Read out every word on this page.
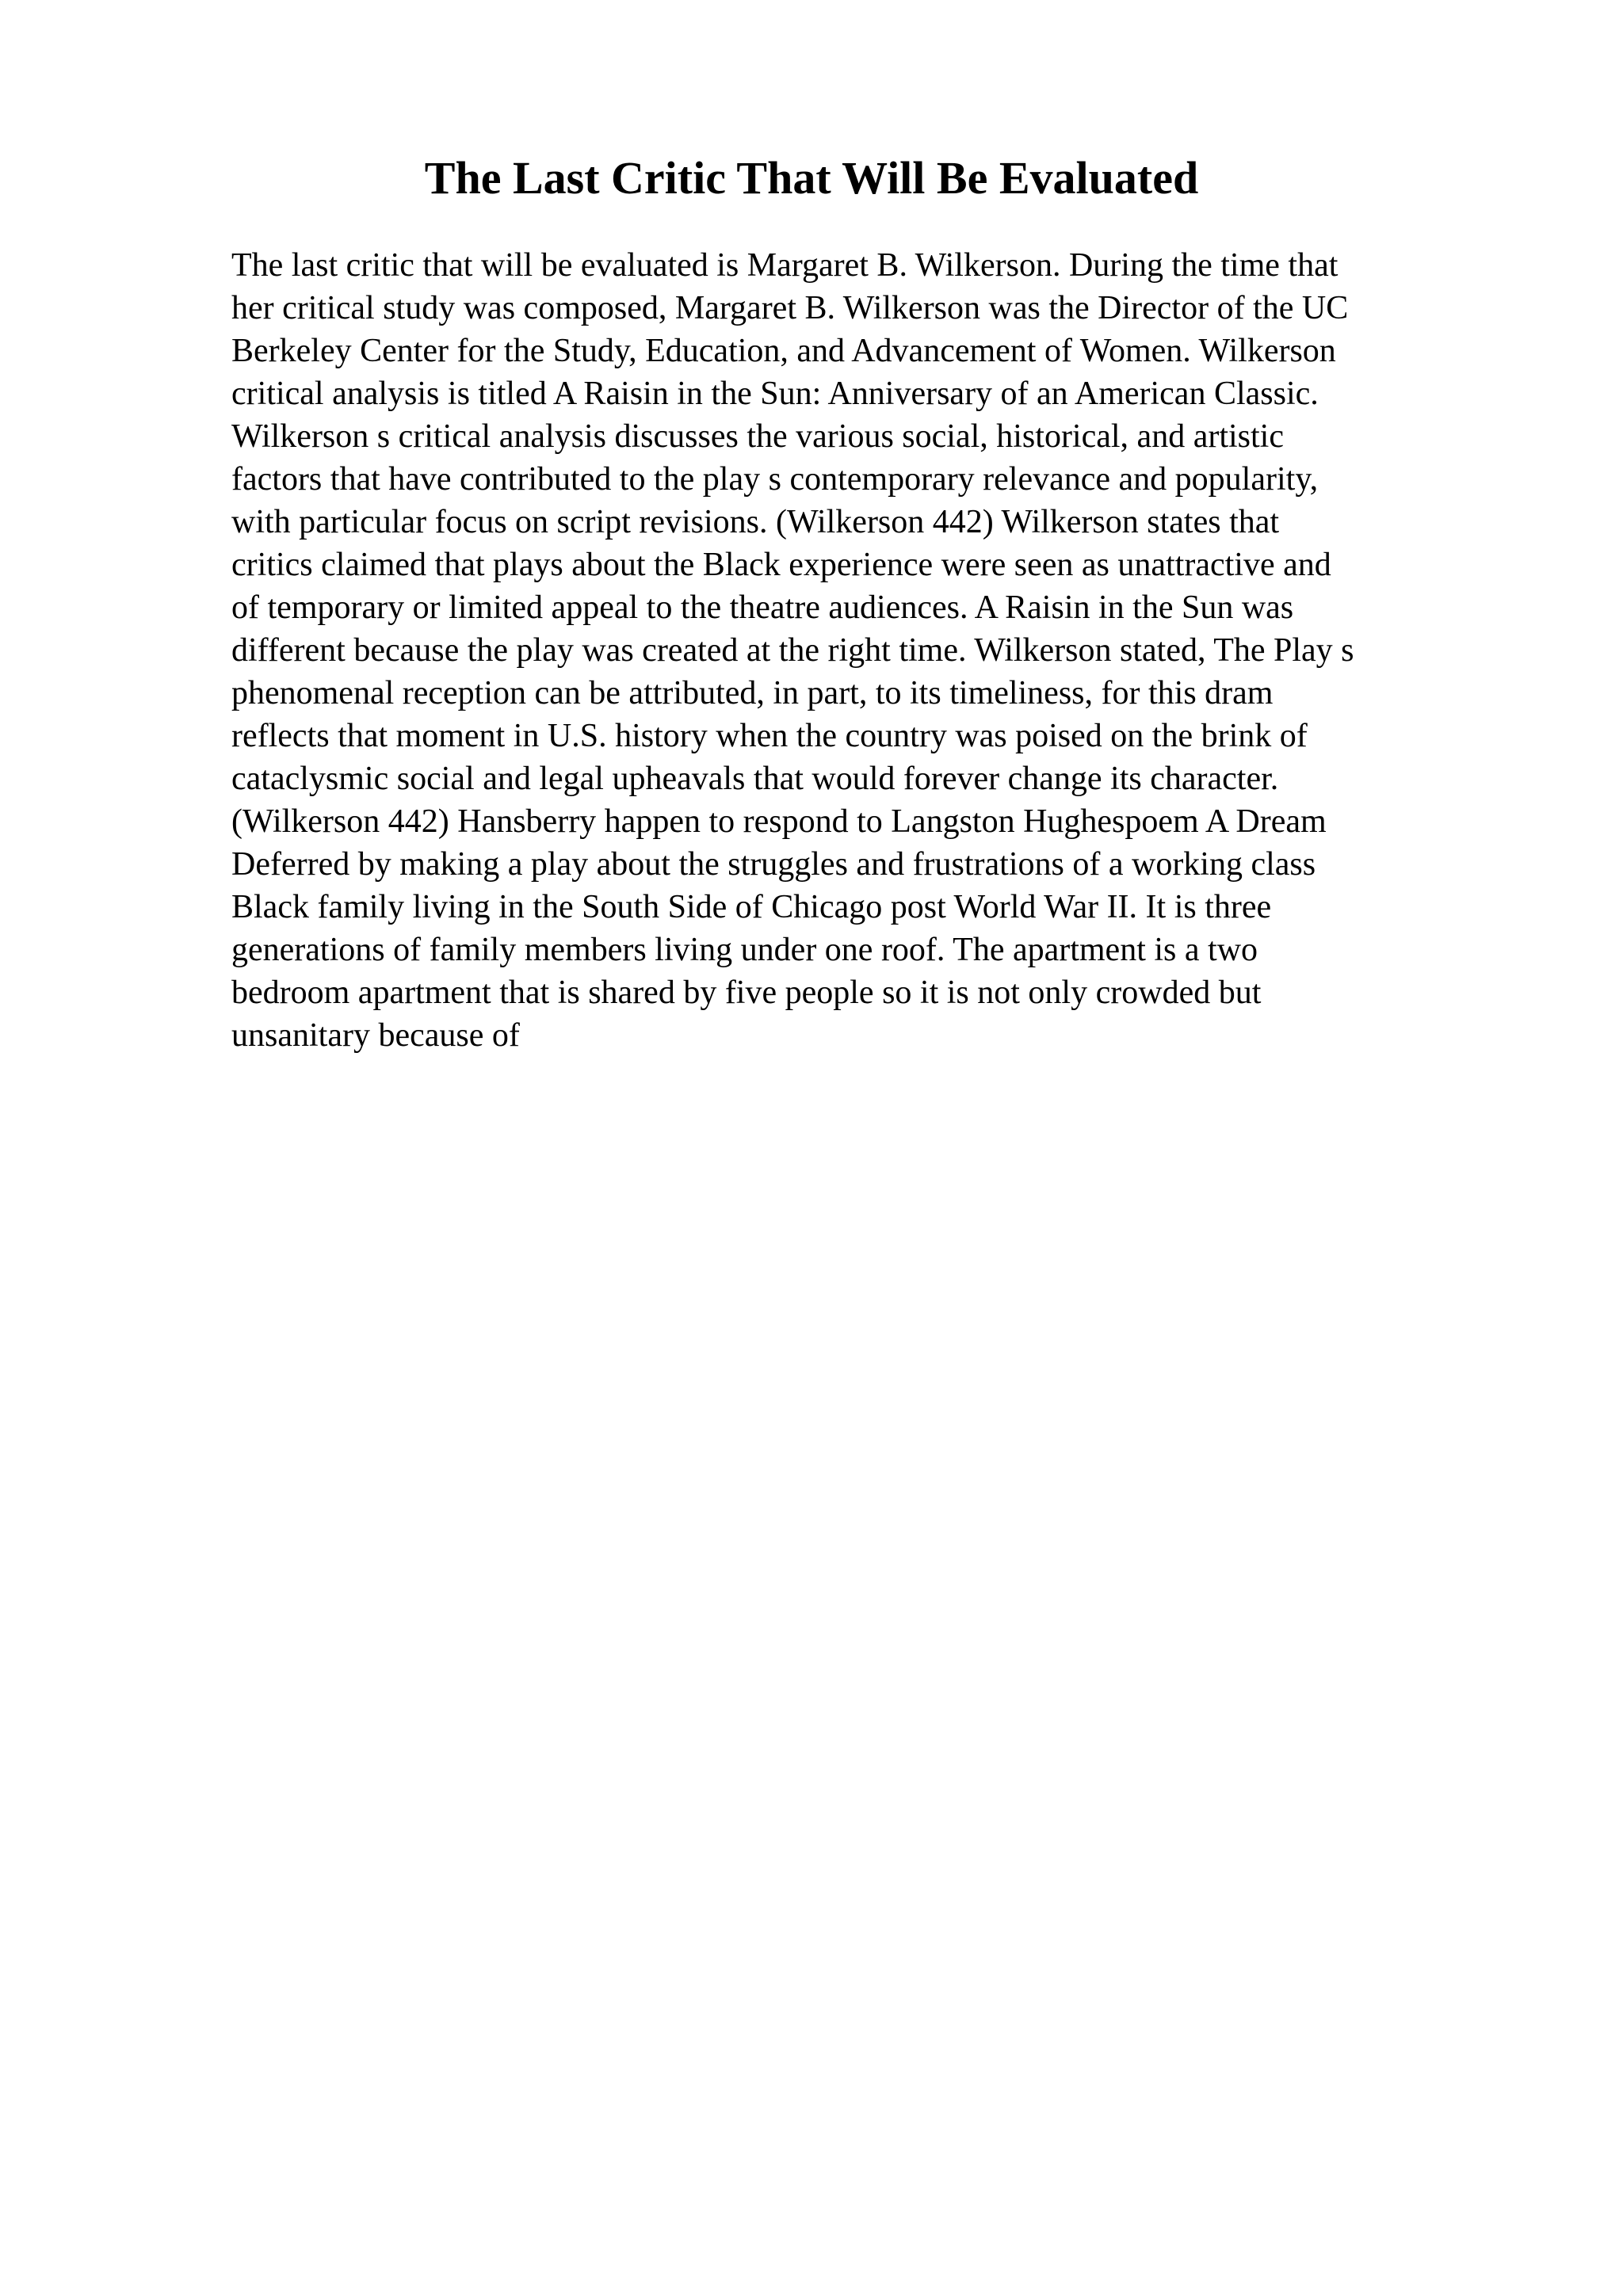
The Last Critic That Will Be Evaluated

The last critic that will be evaluated is Margaret B. Wilkerson. During the time that
her critical study was composed, Margaret B. Wilkerson was the Director of the UC
Berkeley Center for the Study, Education, and Advancement of Women. Wilkerson
critical analysis is titled A Raisin in the Sun: Anniversary of an American Classic.
Wilkerson s critical analysis discusses the various social, historical, and artistic
factors that have contributed to the play s contemporary relevance and popularity,
with particular focus on script revisions. (Wilkerson 442) Wilkerson states that
critics claimed that plays about the Black experience were seen as unattractive and
of temporary or limited appeal to the theatre audiences. A Raisin in the Sun was
different because the play was created at the right time. Wilkerson stated, The Play s
phenomenal reception can be attributed, in part, to its timeliness, for this dram
reflects that moment in U.S. history when the country was poised on the brink of
cataclysmic social and legal upheavals that would forever change its character.
(Wilkerson 442) Hansberry happen to respond to Langston Hughespoem A Dream
Deferred by making a play about the struggles and frustrations of a working class
Black family living in the South Side of Chicago post World War II. It is three
generations of family members living under one roof. The apartment is a two
bedroom apartment that is shared by five people so it is not only crowded but
unsanitary because of
